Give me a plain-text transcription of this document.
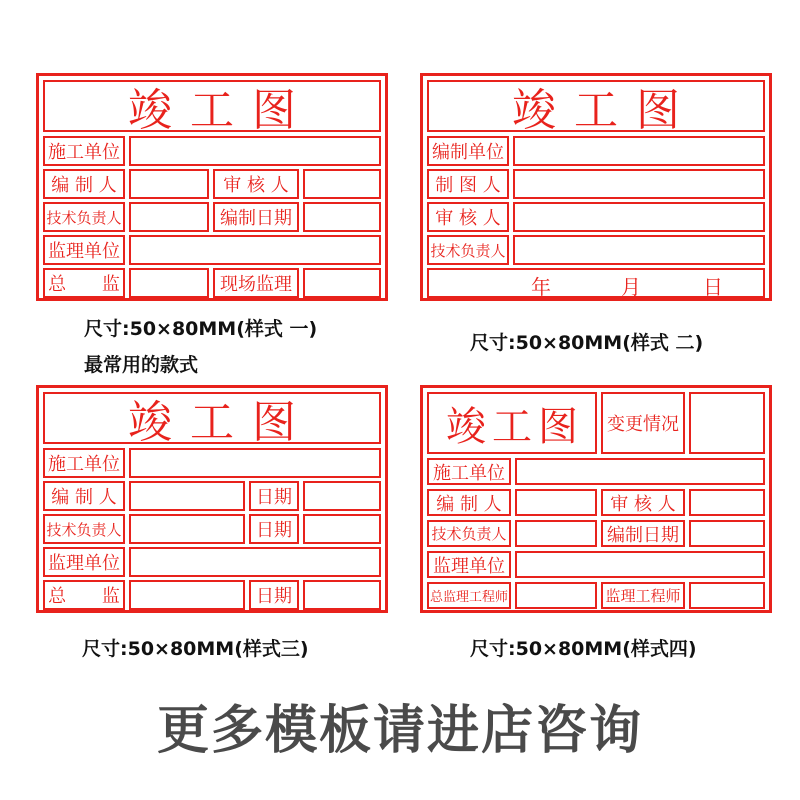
竣工图
施工单位
编 制 人	审 核 人
技术负责人	编制日期
监理单位
总 监	现场监理
尺寸:50×80MM(样式 一)
最常用的款式
竣工图
编制单位
制 图 人
审 核 人
技术负责人
年	月	日
尺寸:50×80MM(样式 二)
竣工图
施工单位
编 制 人	日期
技术负责人	日期
监理单位
总 监	日期
尺寸:50×80MM(样式三)
竣工图	变更情况
施工单位
编 制 人	审 核 人
技术负责人	编制日期
监理单位
总监理工程师	监理工程师
尺寸:50×80MM(样式四)
更多模板请进店咨询
